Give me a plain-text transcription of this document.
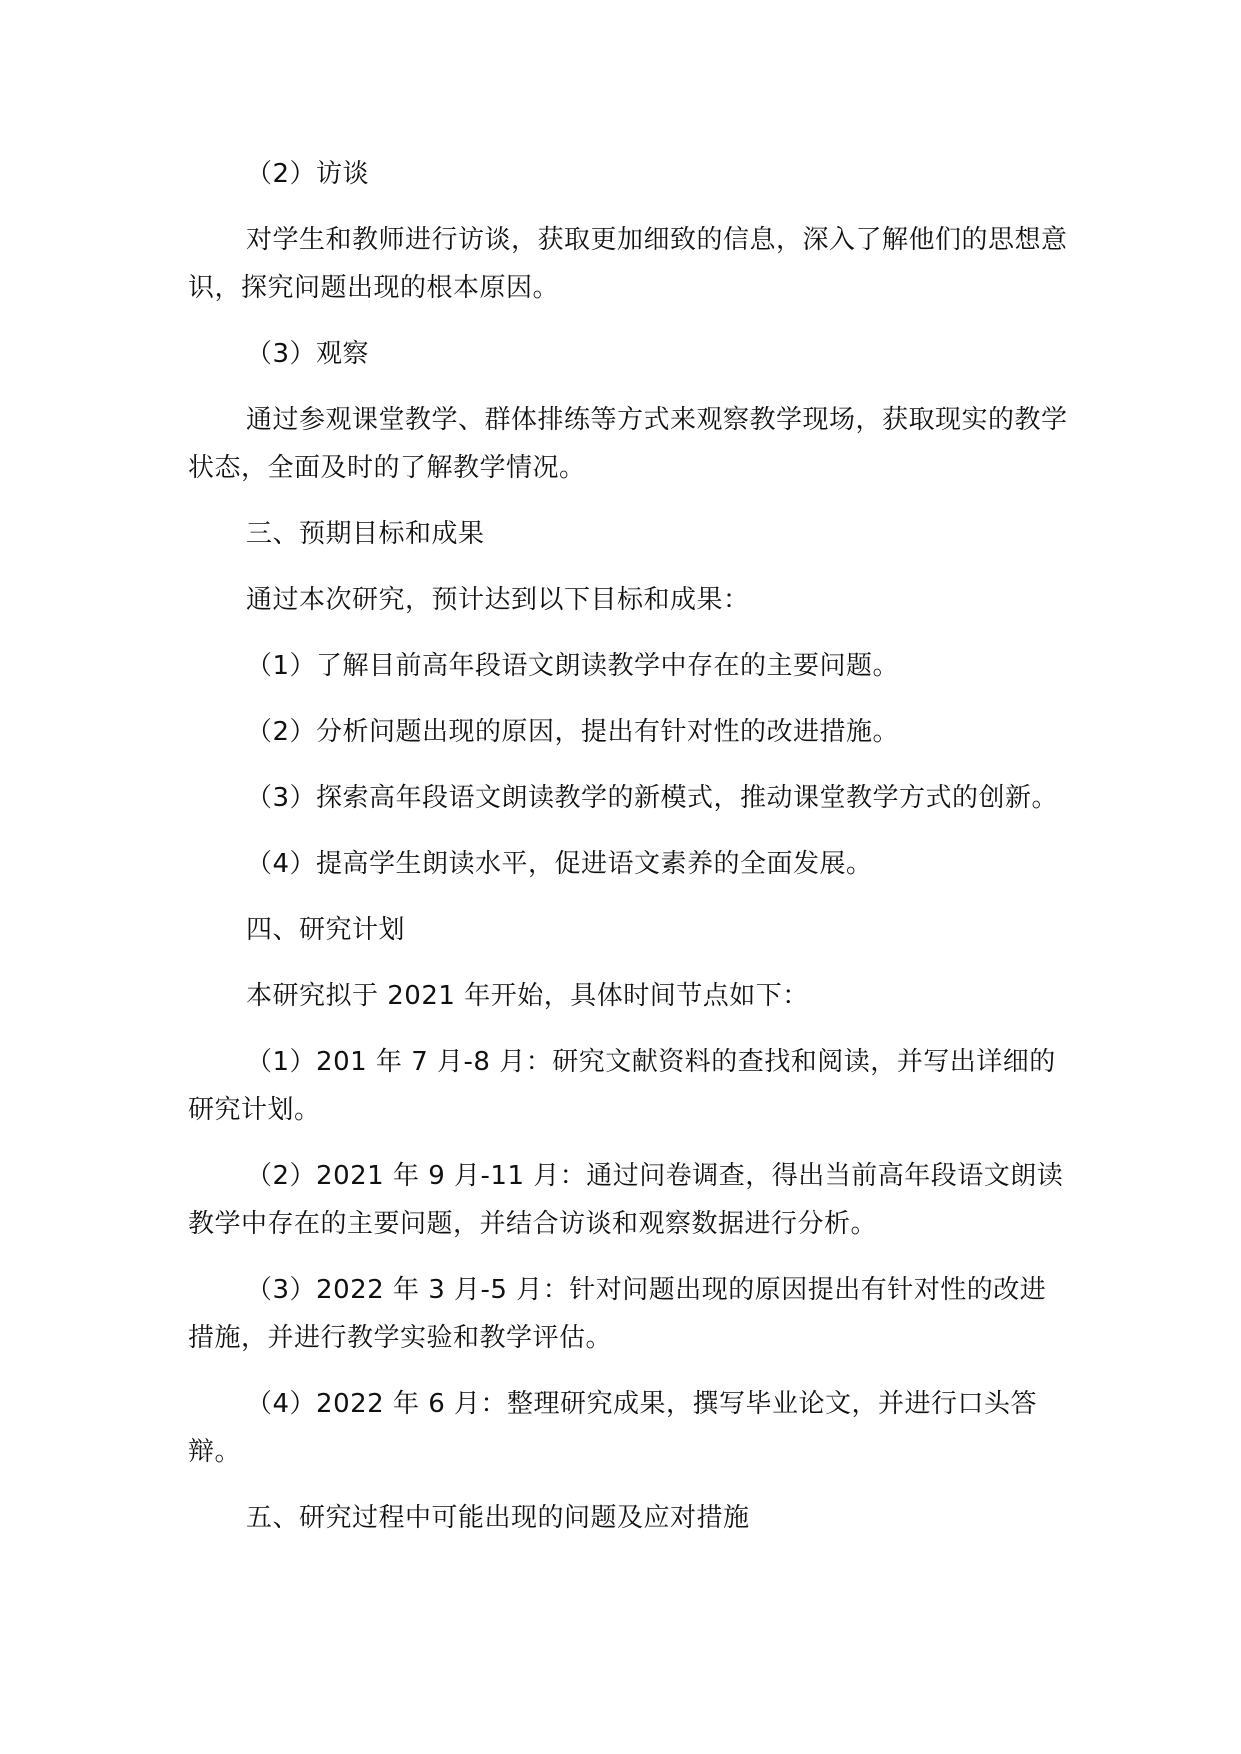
（2）访谈

对学生和教师进行访谈，获取更加细致的信息，深入了解他们的思想意识，探究问题出现的根本原因。

（3）观察

通过参观课堂教学、群体排练等方式来观察教学现场，获取现实的教学状态，全面及时的了解教学情况。

三、预期目标和成果

通过本次研究，预计达到以下目标和成果：

（1）了解目前高年段语文朗读教学中存在的主要问题。

（2）分析问题出现的原因，提出有针对性的改进措施。

（3）探索高年段语文朗读教学的新模式，推动课堂教学方式的创新。

（4）提高学生朗读水平，促进语文素养的全面发展。

四、研究计划

本研究拟于 2021 年开始，具体时间节点如下：

（1）201 年 7 月-8 月：研究文献资料的查找和阅读，并写出详细的研究计划。

（2）2021 年 9 月-11 月：通过问卷调查，得出当前高年段语文朗读教学中存在的主要问题，并结合访谈和观察数据进行分析。

（3）2022 年 3 月-5 月：针对问题出现的原因提出有针对性的改进措施，并进行教学实验和教学评估。

（4）2022 年 6 月：整理研究成果，撰写毕业论文，并进行口头答辩。

五、研究过程中可能出现的问题及应对措施
